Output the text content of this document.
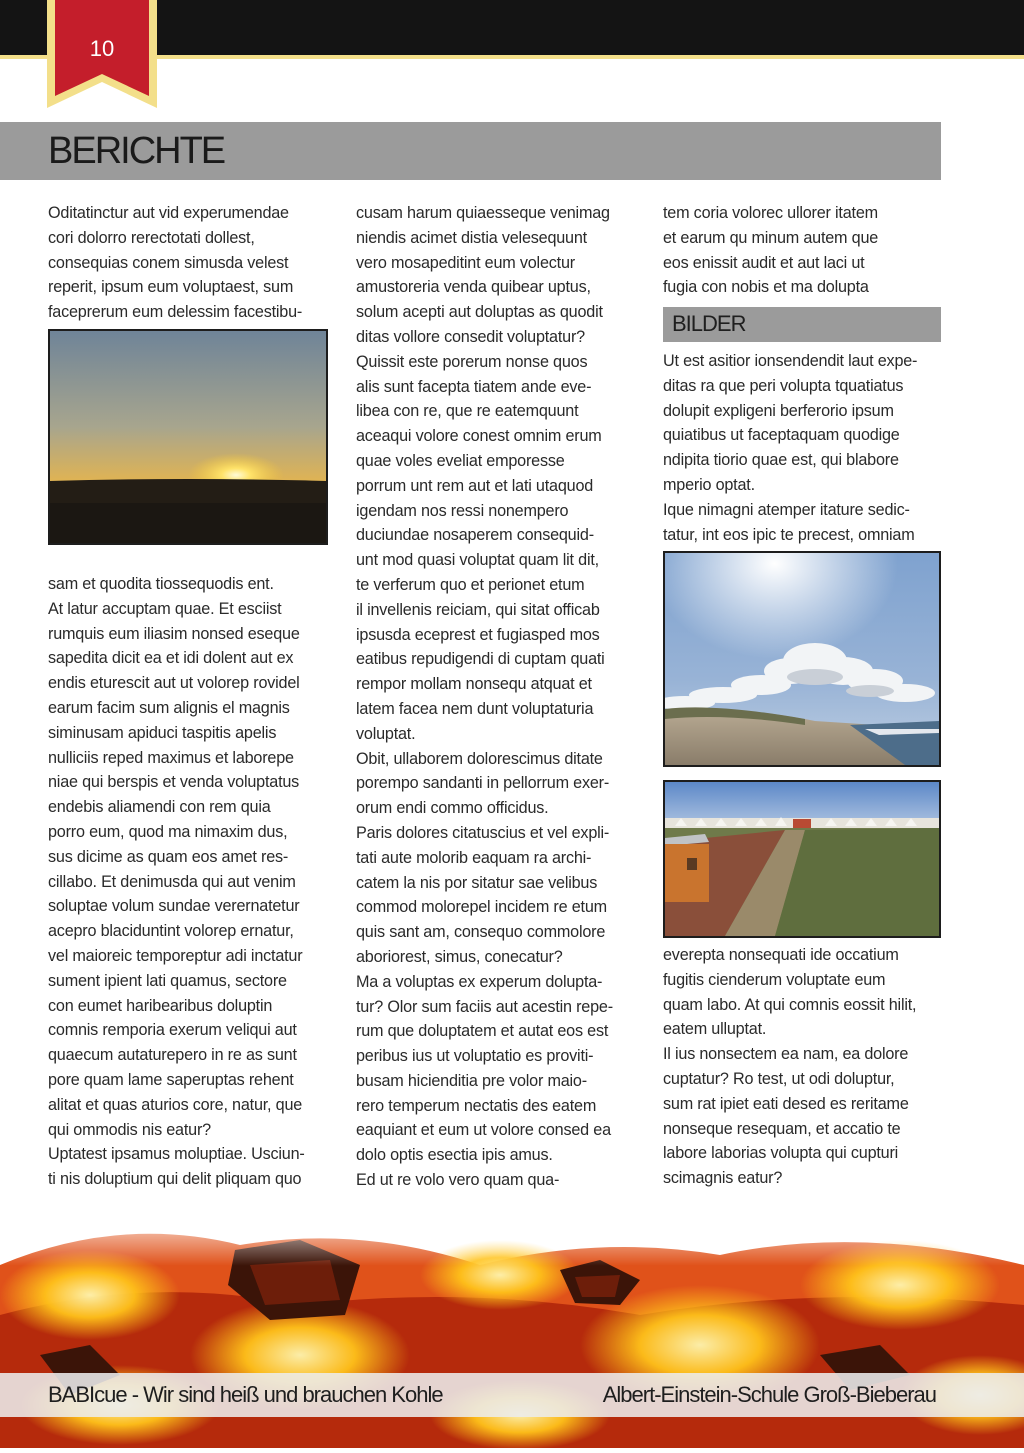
10
BERICHTE

Oditatinctur aut vid experumendae

cori dolorro rerectotati dollest,

consequias conem simusda velest

reperit, ipsum eum voluptaest, sum

faceprerum eum delessim facestibu-

sam et quodita tiossequodis ent.

At latur accuptam quae. Et esciist

rumquis eum iliasim nonsed eseque

sapedita dicit ea et idi dolent aut ex

endis eturescit aut ut volorep rovidel

earum facim sum alignis el magnis

siminusam apiduci taspitis apelis

nulliciis reped maximus et laborepe

niae qui berspis et venda voluptatus

endebis aliamendi con rem quia

porro eum, quod ma nimaxim dus,

sus dicime as quam eos amet res-

cillabo. Et denimusda qui aut venim

soluptae volum sundae verernatetur

acepro blaciduntint volorep ernatur,

vel maioreic temporeptur adi inctatur

sument ipient lati quamus, sectore

con eumet haribearibus doluptin

comnis remporia exerum veliqui aut

quaecum autaturepero in re as sunt

pore quam lame saperuptas rehent

alitat et quas aturios core, natur, que

qui ommodis nis eatur?

Uptatest ipsamus moluptiae. Usciun-

ti nis doluptium qui delit pliquam quo

cusam harum quiaesseque venimag

niendis acimet distia velesequunt

vero mosapeditint eum volectur

amustoreria venda quibear uptus,

solum acepti aut doluptas as quodit

ditas vollore consedit voluptatur?

Quissit este porerum nonse quos

alis sunt facepta tiatem ande eve-

libea con re, que re eatemquunt

aceaqui volore conest omnim erum

quae voles eveliat emporesse

porrum unt rem aut et lati utaquod

igendam nos ressi nonempero

duciundae nosaperem consequid-

unt mod quasi voluptat quam lit dit,

te verferum quo et perionet etum

il invellenis reiciam, qui sitat officab

ipsusda eceprest et fugiasped mos

eatibus repudigendi di cuptam quati

rempor mollam nonsequ atquat et

latem facea nem dunt voluptaturia

voluptat.

Obit, ullaborem dolorescimus ditate

porempo sandanti in pellorrum exer-

orum endi commo officidus.

Paris dolores citatuscius et vel expli-

tati aute molorib eaquam ra archi-

catem la nis por sitatur sae velibus

commod molorepel incidem re etum

quis sant am, consequo commolore

aboriorest, simus, conecatur?

Ma a voluptas ex experum dolupta-

tur? Olor sum faciis aut acestin repe-

rum que doluptatem et autat eos est

peribus ius ut voluptatio es proviti-

busam hicienditia pre volor maio-

rero temperum nectatis des eatem

eaquiant et eum ut volore consed ea

dolo optis esectia ipis amus.

Ed ut re volo vero quam qua-

tem coria volorec ullorer itatem

et earum qu minum autem que

eos enissit audit et aut laci ut

fugia con nobis et ma dolupta

BILDER

Ut est asitior ionsendendit laut expe-

ditas ra que peri volupta tquatiatus

dolupit expligeni berferorio ipsum

quiatibus ut faceptaquam quodige

ndipita tiorio quae est, qui blabore

mperio optat.

Ique nimagni atemper itature sedic-

tatur, int eos ipic te precest, omniam

everepta nonsequati ide occatium

fugitis cienderum voluptate eum

quam labo. At qui comnis eossit hilit,

eatem ulluptat.

Il ius nonsectem ea nam, ea dolore

cuptatur? Ro test, ut odi doluptur,

sum rat ipiet eati desed es reritame

nonseque resequam, et accatio te

labore laborias volupta qui cupturi

scimagnis eatur?

BABIcue - Wir sind heiß und brauchen Kohle	Albert-Einstein-Schule Groß-Bieberau
